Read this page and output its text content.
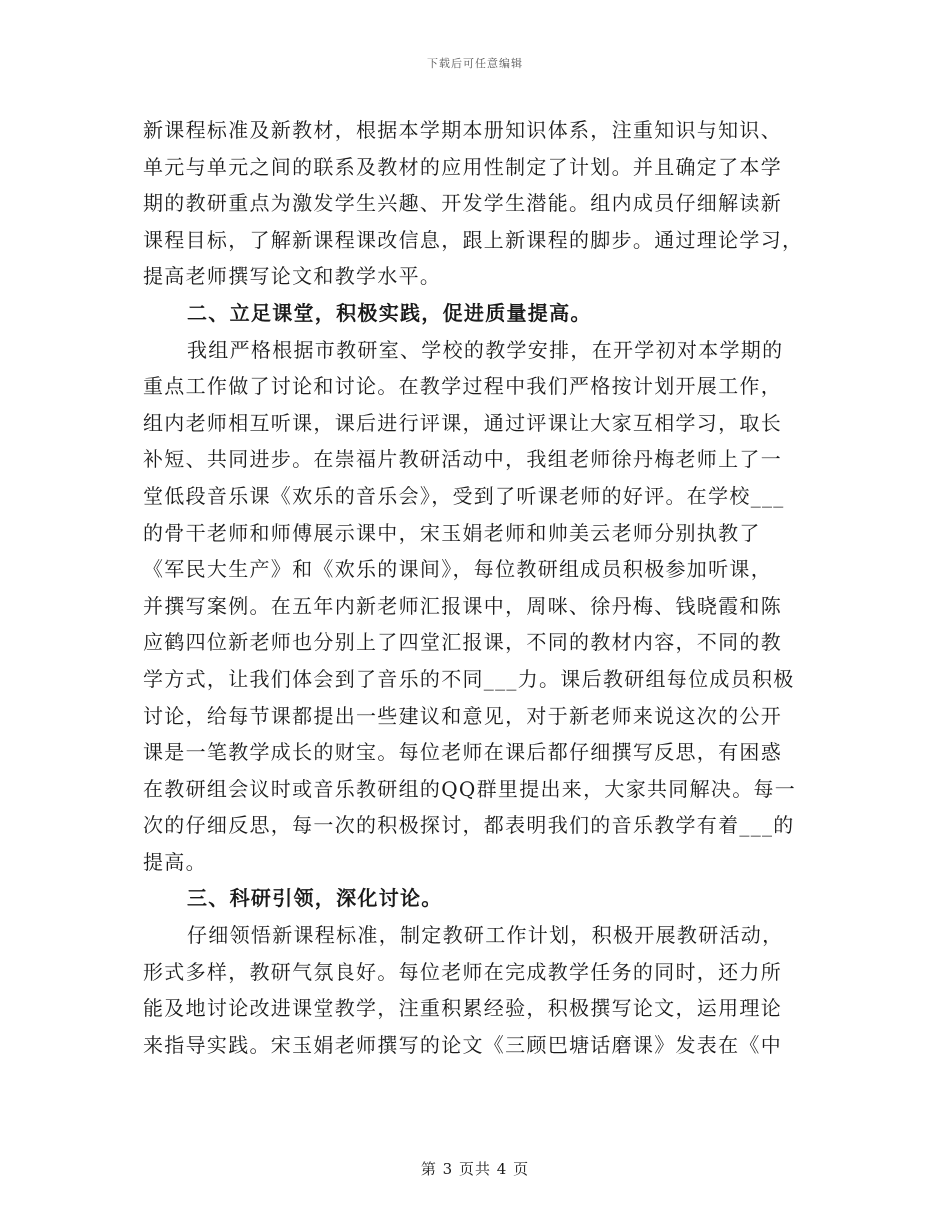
下载后可任意编辑
新课程标准及新教材，根据本学期本册知识体系，注重知识与知识、
单元与单元之间的联系及教材的应用性制定了计划。并且确定了本学
期的教研重点为激发学生兴趣、开发学生潜能。组内成员仔细解读新
课程目标，了解新课程课改信息，跟上新课程的脚步。通过理论学习，
提高老师撰写论文和教学水平。
二、立足课堂，积极实践，促进质量提高。
我组严格根据市教研室、学校的教学安排，在开学初对本学期的
重点工作做了讨论和讨论。在教学过程中我们严格按计划开展工作，
组内老师相互听课，课后进行评课，通过评课让大家互相学习，取长
补短、共同进步。在崇福片教研活动中，我组老师徐丹梅老师上了一
堂低段音乐课《欢乐的音乐会》，受到了听课老师的好评。在学校___
的骨干老师和师傅展示课中，宋玉娟老师和帅美云老师分别执教了
《军民大生产》和《欢乐的课间》，每位教研组成员积极参加听课，
并撰写案例。在五年内新老师汇报课中，周咪、徐丹梅、钱晓霞和陈
应鹤四位新老师也分别上了四堂汇报课，不同的教材内容，不同的教
学方式，让我们体会到了音乐的不同___力。课后教研组每位成员积极
讨论，给每节课都提出一些建议和意见，对于新老师来说这次的公开
课是一笔教学成长的财宝。每位老师在课后都仔细撰写反思，有困惑
在教研组会议时或音乐教研组的QQ群里提出来，大家共同解决。每一
次的仔细反思，每一次的积极探讨，都表明我们的音乐教学有着___的
提高。
三、科研引领，深化讨论。
仔细领悟新课程标准，制定教研工作计划，积极开展教研活动，
形式多样，教研气氛良好。每位老师在完成教学任务的同时，还力所
能及地讨论改进课堂教学，注重积累经验，积极撰写论文，运用理论
来指导实践。宋玉娟老师撰写的论文《三顾巴塘话磨课》发表在《中
第 3 页共 4 页
